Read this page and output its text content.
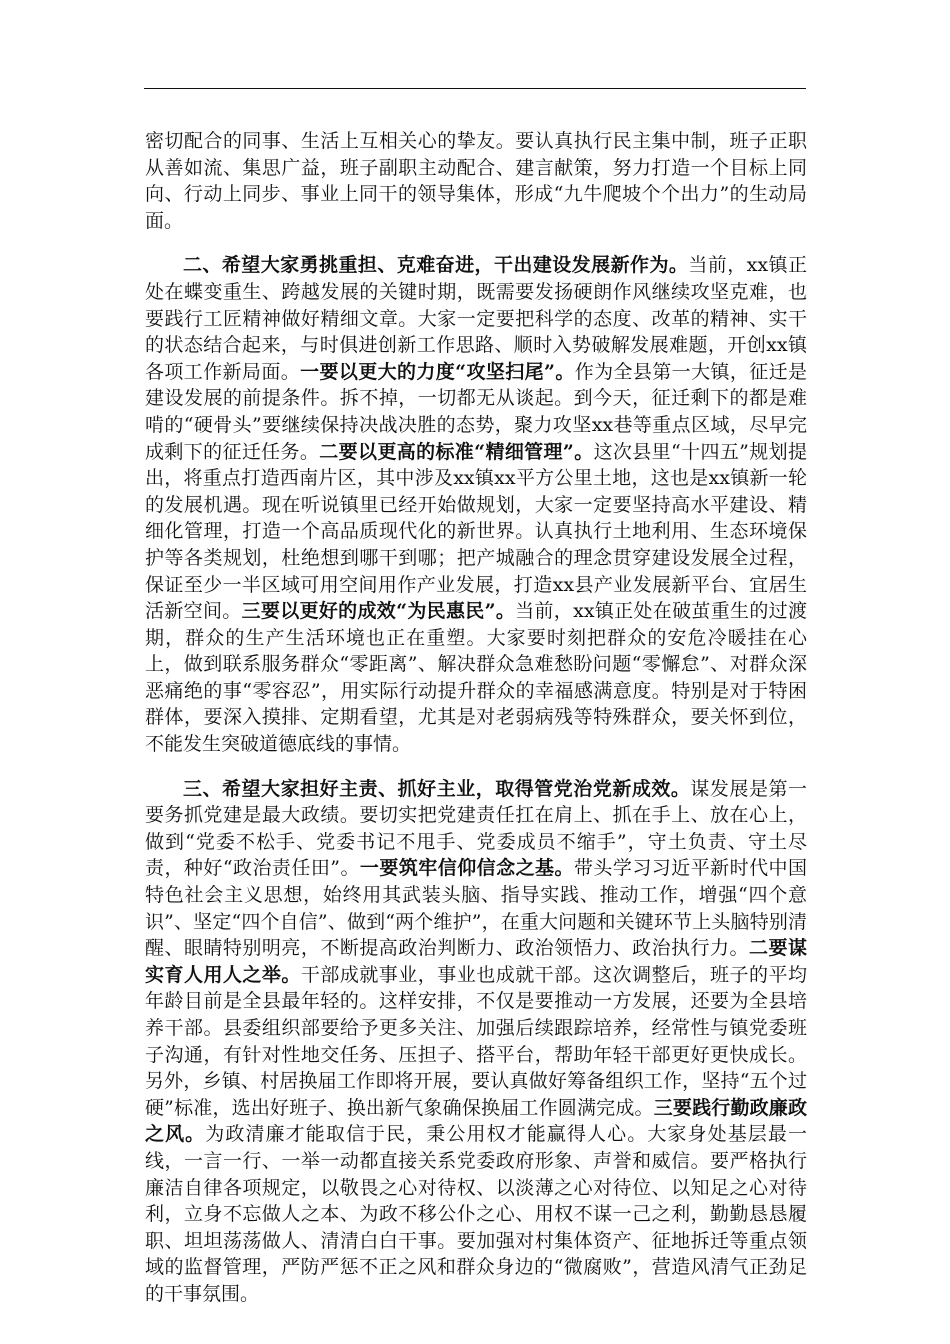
密切配合的同事、生活上互相关心的挚友。要认真执行民主集中制，班子正职从善如流、集思广益，班子副职主动配合、建言献策，努力打造一个目标上同向、行动上同步、事业上同干的领导集体，形成“九牛爬坡个个出力”的生动局面。

二、希望大家勇挑重担、克难奋进，干出建设发展新作为。当前，xx镇正处在蝶变重生、跨越发展的关键时期，既需要发扬硬朗作风继续攻坚克难，也要践行工匠精神做好精细文章。大家一定要把科学的态度、改革的精神、实干的状态结合起来，与时俱进创新工作思路、顺时入势破解发展难题，开创xx镇各项工作新局面。一要以更大的力度“攻坚扫尾”。作为全县第一大镇，征迁是建设发展的前提条件。拆不掉，一切都无从谈起。到今天，征迁剩下的都是难啃的“硬骨头”要继续保持决战决胜的态势，聚力攻坚xx巷等重点区域，尽早完成剩下的征迁任务。二要以更高的标准“精细管理”。这次县里“十四五”规划提出，将重点打造西南片区，其中涉及xx镇xx平方公里土地，这也是xx镇新一轮的发展机遇。现在听说镇里已经开始做规划，大家一定要坚持高水平建设、精细化管理，打造一个高品质现代化的新世界。认真执行土地利用、生态环境保护等各类规划，杜绝想到哪干到哪；把产城融合的理念贯穿建设发展全过程，保证至少一半区域可用空间用作产业发展，打造xx县产业发展新平台、宜居生活新空间。三要以更好的成效“为民惠民”。当前，xx镇正处在破茧重生的过渡期，群众的生产生活环境也正在重塑。大家要时刻把群众的安危冷暖挂在心上，做到联系服务群众“零距离”、解决群众急难愁盼问题“零懈怠”、对群众深恶痛绝的事“零容忍”，用实际行动提升群众的幸福感满意度。特别是对于特困群体，要深入摸排、定期看望，尤其是对老弱病残等特殊群众，要关怀到位，不能发生突破道德底线的事情。

三、希望大家担好主责、抓好主业，取得管党治党新成效。谋发展是第一要务抓党建是最大政绩。要切实把党建责任扛在肩上、抓在手上、放在心上，做到“党委不松手、党委书记不甩手、党委成员不缩手”，守土负责、守土尽责，种好“政治责任田”。一要筑牢信仰信念之基。带头学习习近平新时代中国特色社会主义思想，始终用其武装头脑、指导实践、推动工作，增强“四个意识”、坚定“四个自信”、做到“两个维护”，在重大问题和关键环节上头脑特别清醒、眼睛特别明亮，不断提高政治判断力、政治领悟力、政治执行力。二要谋实育人用人之举。干部成就事业，事业也成就干部。这次调整后，班子的平均年龄目前是全县最年轻的。这样安排，不仅是要推动一方发展，还要为全县培养干部。县委组织部要给予更多关注、加强后续跟踪培养，经常性与镇党委班子沟通，有针对性地交任务、压担子、搭平台，帮助年轻干部更好更快成长。另外，乡镇、村居换届工作即将开展，要认真做好筹备组织工作，坚持“五个过硬”标准，选出好班子、换出新气象确保换届工作圆满完成。三要践行勤政廉政之风。为政清廉才能取信于民，秉公用权才能赢得人心。大家身处基层最一线，一言一行、一举一动都直接关系党委政府形象、声誉和威信。要严格执行廉洁自律各项规定，以敬畏之心对待权、以淡薄之心对待位、以知足之心对待利，立身不忘做人之本、为政不移公仆之心、用权不谋一己之利，勤勤恳恳履职、坦坦荡荡做人、清清白白干事。要加强对村集体资产、征地拆迁等重点领域的监督管理，严防严惩不正之风和群众身边的“微腐败”，营造风清气正劲足的干事氛围。
